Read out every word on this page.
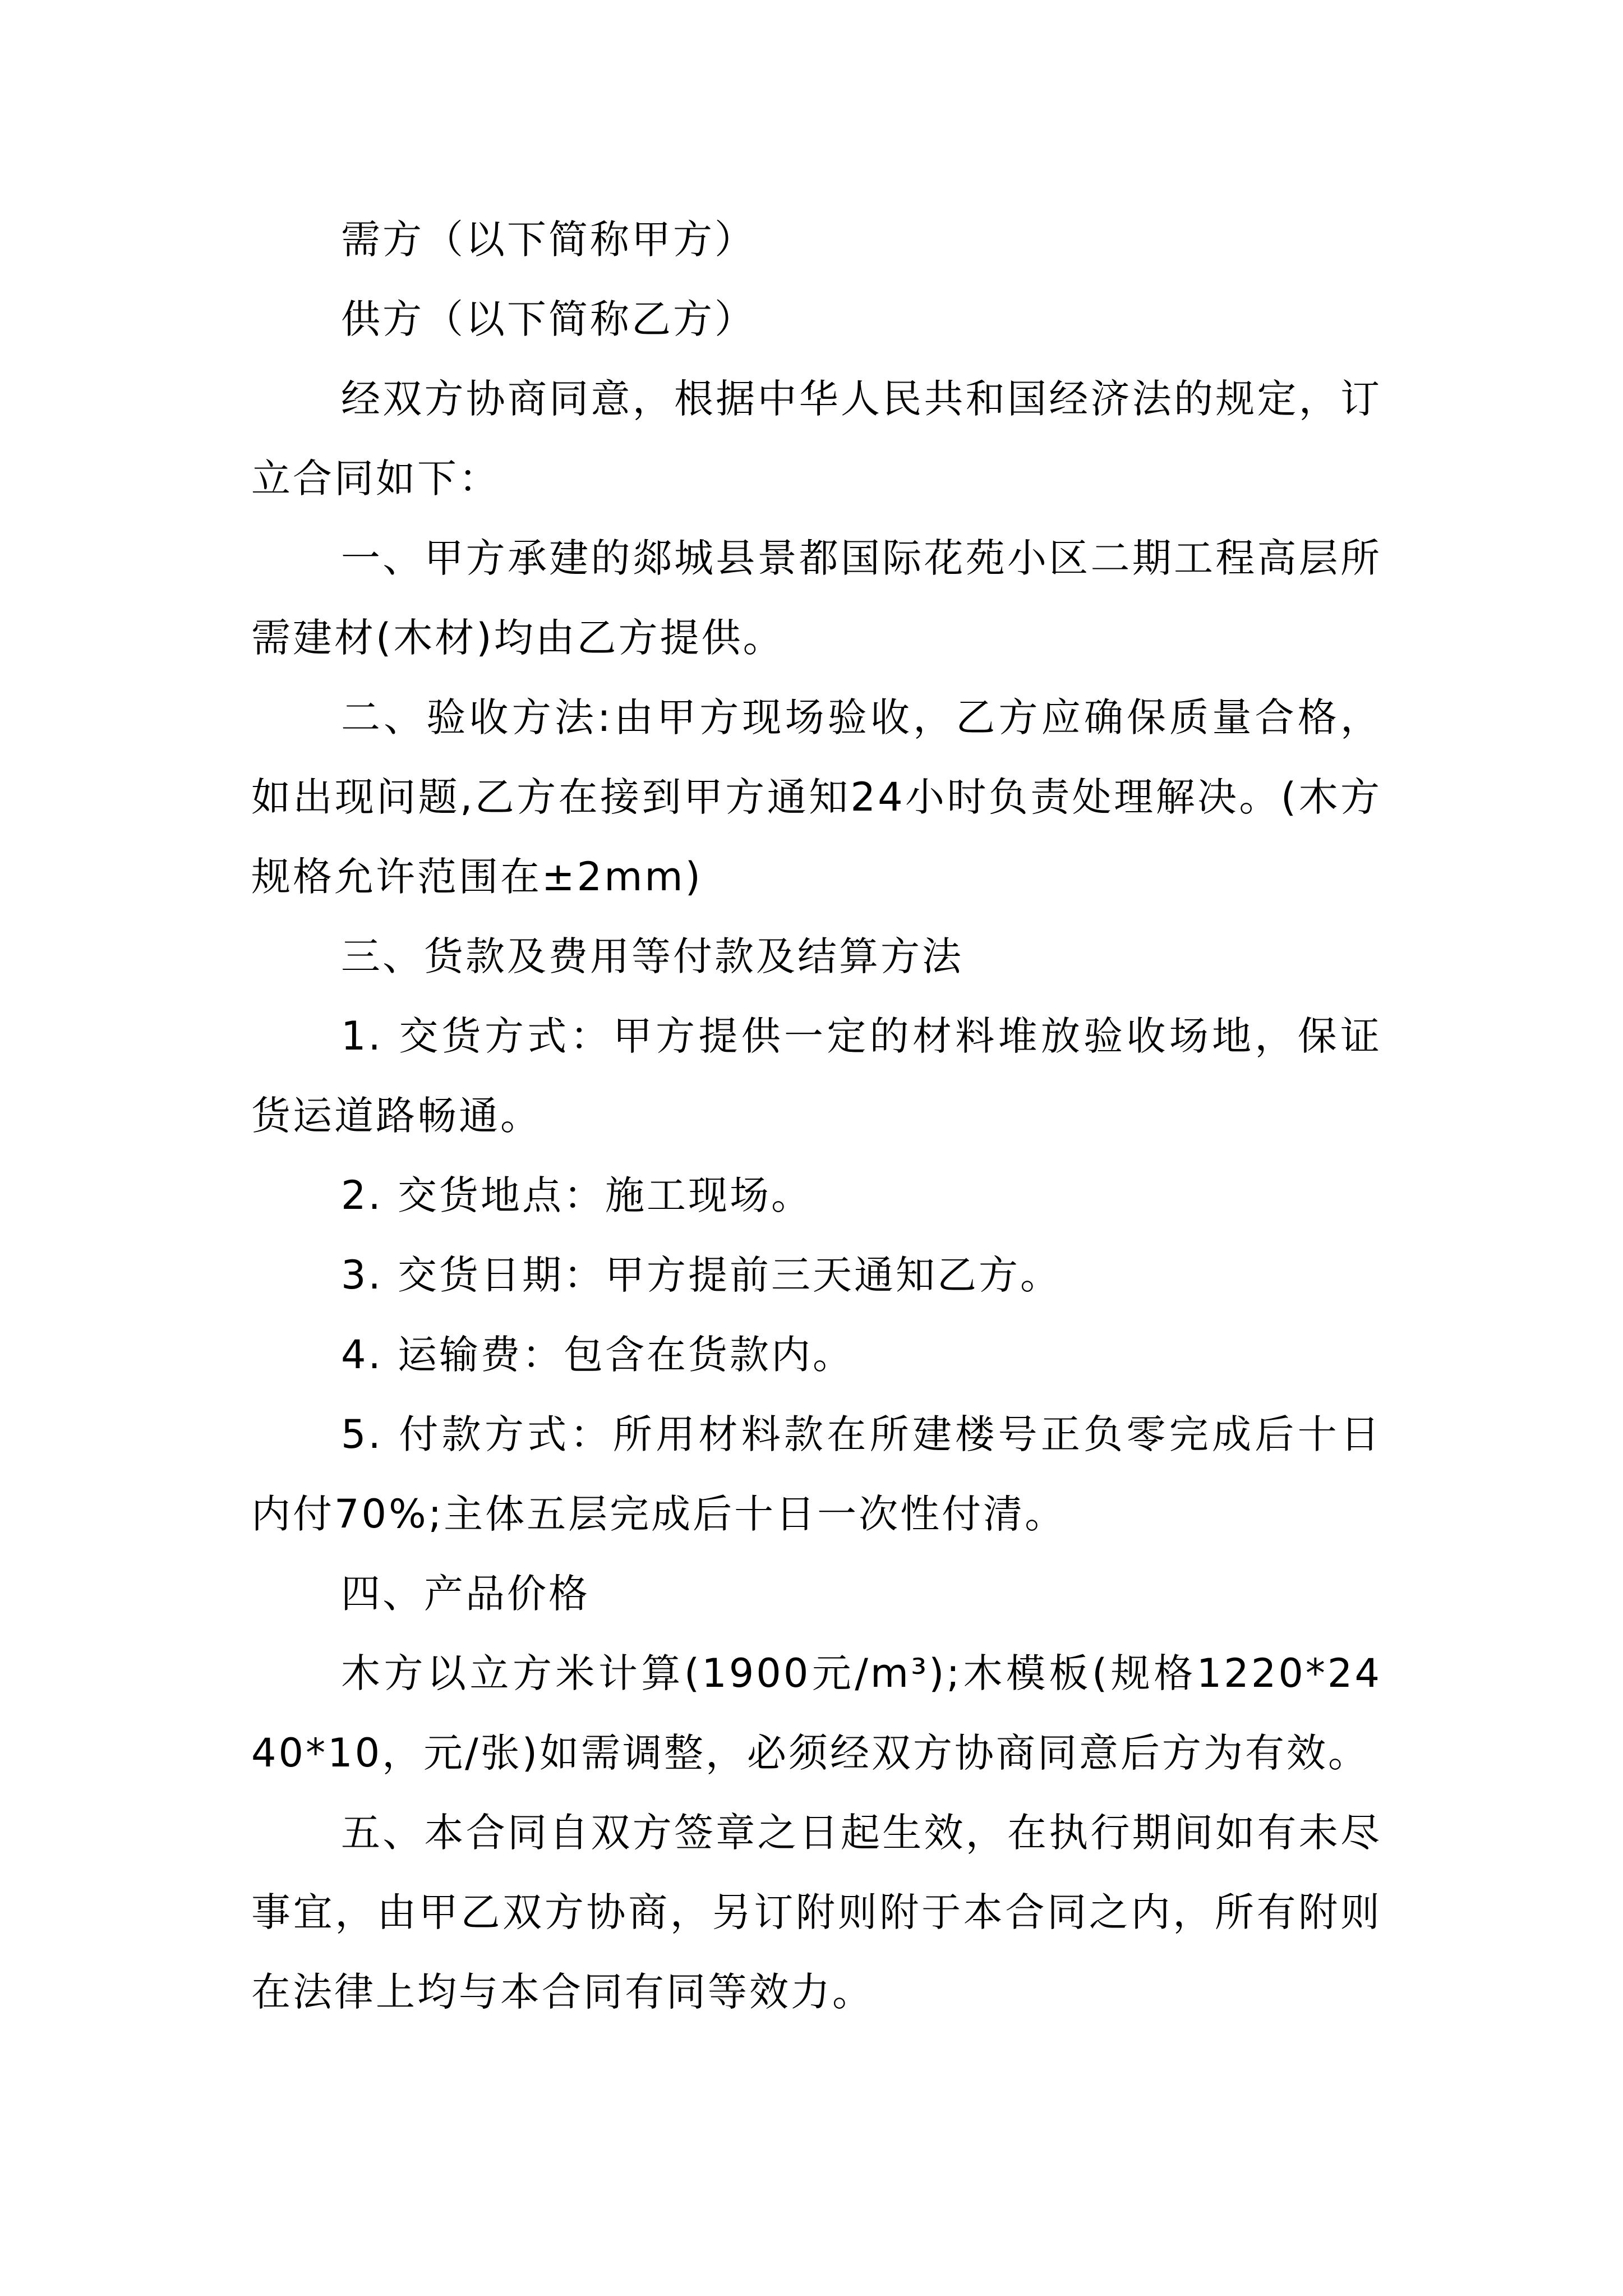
需方（以下简称甲方）

供方（以下简称乙方）

经双方协商同意，根据中华人民共和国经济法的规定，订立合同如下：

一、甲方承建的郯城县景都国际花苑小区二期工程高层所需建材(木材)均由乙方提供。

二、验收方法:由甲方现场验收，乙方应确保质量合格，如出现问题,乙方在接到甲方通知24小时负责处理解决。(木方规格允许范围在±2mm)

三、货款及费用等付款及结算方法

1. 交货方式：甲方提供一定的材料堆放验收场地，保证货运道路畅通。

2. 交货地点：施工现场。

3. 交货日期：甲方提前三天通知乙方。

4. 运输费：包含在货款内。

5. 付款方式：所用材料款在所建楼号正负零完成后十日内付70%;主体五层完成后十日一次性付清。

四、产品价格

木方以立方米计算(1900元/m³);木模板(规格1220*2440*10，元/张)如需调整，必须经双方协商同意后方为有效。

五、本合同自双方签章之日起生效，在执行期间如有未尽事宜，由甲乙双方协商，另订附则附于本合同之内，所有附则在法律上均与本合同有同等效力。
